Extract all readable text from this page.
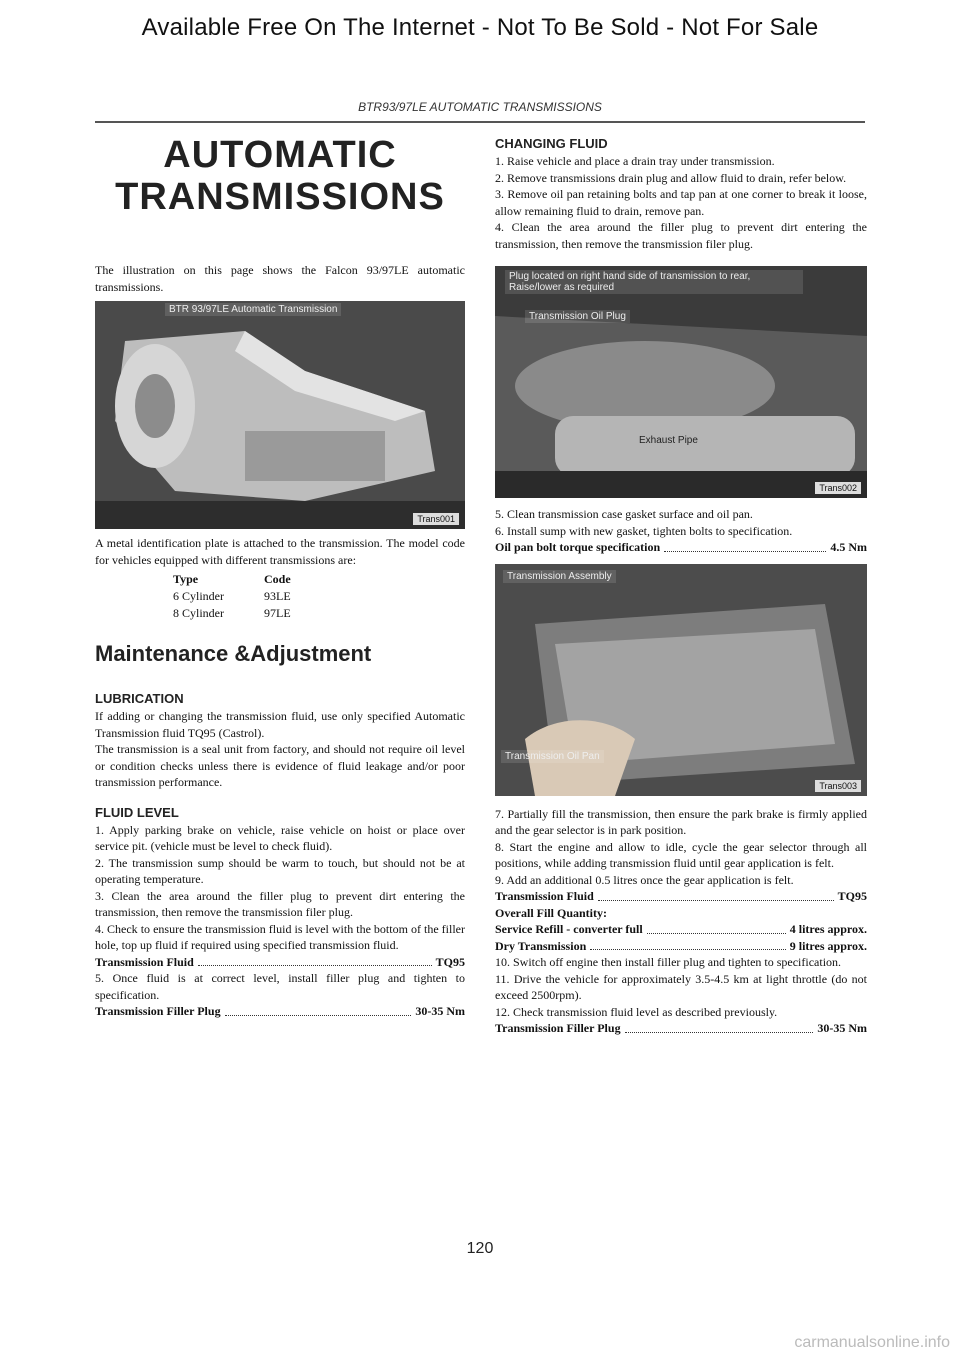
Available Free On The Internet - Not To Be Sold - Not For Sale
BTR93/97LE AUTOMATIC TRANSMISSIONS
AUTOMATIC
TRANSMISSIONS

The illustration on this page shows the Falcon 93/97LE automatic transmissions.

BTR 93/97LE Automatic Transmission
Trans001

A metal identification plate is attached to the transmission. The model code for vehicles equipped with different transmissions are:

Type	Code
6 Cylinder	93LE
8 Cylinder	97LE
Maintenance &Adjustment
LUBRICATION

If adding or changing the transmission fluid, use only specified Automatic Transmission fluid TQ95 (Castrol).

The transmission is a seal unit from factory, and should not require oil level or condition checks unless there is evidence of fluid leakage and/or poor transmission performance.

FLUID LEVEL

1. Apply parking brake on vehicle, raise vehicle on hoist or place over service pit. (vehicle must be level to check fluid).

2. The transmission sump should be warm to touch, but should not be at operating temperature.

3. Clean the area around the filler plug to prevent dirt entering the transmission, then remove the transmission filer plug.

4. Check to ensure the transmission fluid is level with the bottom of the filler hole, top up fluid if required using specified transmission fluid.

Transmission Fluid	TQ95

5. Once fluid is at correct level, install filler plug and tighten to specification.

Transmission Filler Plug	30-35 Nm
CHANGING FLUID

1. Raise vehicle and place a drain tray under transmission.

2. Remove transmissions drain plug and allow fluid to drain, refer below.

3. Remove oil pan retaining bolts and tap pan at one corner to break it loose, allow remaining fluid to drain, remove pan.

4. Clean the area around the filler plug to prevent dirt entering the transmission, then remove the transmission filer plug.

Plug located on right hand side of transmission to rear, Raise/lower as required
Transmission Oil Plug
Exhaust Pipe
Trans002

5. Clean transmission case gasket surface and oil pan.

6. Install sump with new gasket, tighten bolts to specification.

Oil pan bolt torque specification	4.5 Nm
Transmission Assembly
Transmission Oil Pan
Trans003

7. Partially fill the transmission, then ensure the park brake is firmly applied and the gear selector is in park position.

8. Start the engine and allow to idle, cycle the gear selector through all positions, while adding transmission fluid until gear application is felt.

9. Add an additional 0.5 litres once the gear application is felt.

Transmission Fluid	TQ95

Overall Fill Quantity:

Service Refill - converter full	4 litres approx.
Dry Transmission	9 litres approx.

10. Switch off engine then install filler plug and tighten to specification.

11. Drive the vehicle for approximately 3.5-4.5 km at light throttle (do not exceed 2500rpm).

12. Check transmission fluid level as described previously.

Transmission Filler Plug	30-35 Nm
120
carmanualsonline.info
